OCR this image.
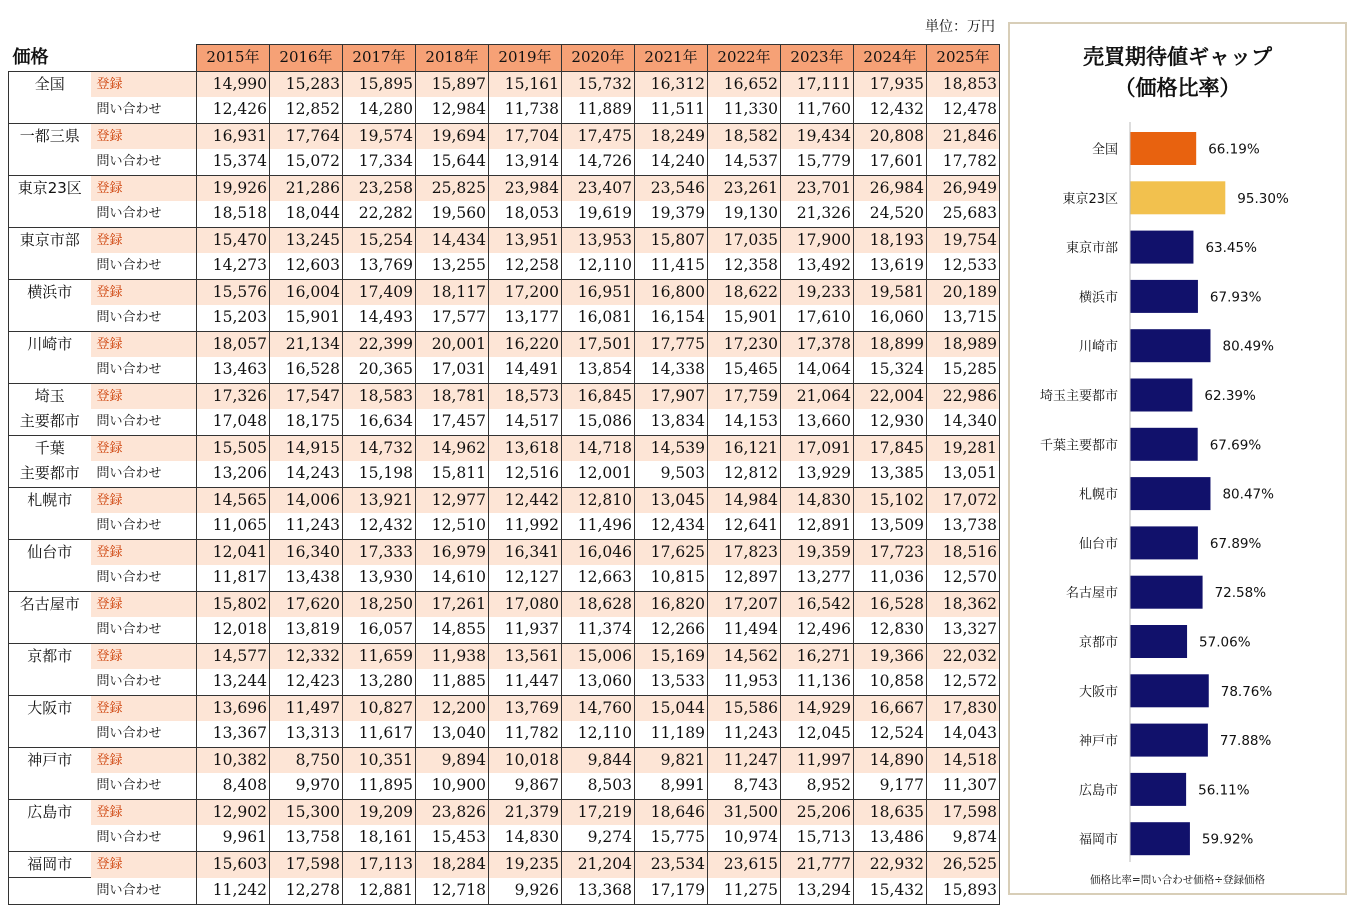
単位：万円
価格		2015年	2016年	2017年	2018年	2019年	2020年	2021年	2022年	2023年	2024年	2025年
全国	登録	14,990	15,283	15,895	15,897	15,161	15,732	16,312	16,652	17,111	17,935	18,853
	問い合わせ	12,426	12,852	14,280	12,984	11,738	11,889	11,511	11,330	11,760	12,432	12,478
一都三県	登録	16,931	17,764	19,574	19,694	17,704	17,475	18,249	18,582	19,434	20,808	21,846
	問い合わせ	15,374	15,072	17,334	15,644	13,914	14,726	14,240	14,537	15,779	17,601	17,782
東京23区	登録	19,926	21,286	23,258	25,825	23,984	23,407	23,546	23,261	23,701	26,984	26,949
	問い合わせ	18,518	18,044	22,282	19,560	18,053	19,619	19,379	19,130	21,326	24,520	25,683
東京市部	登録	15,470	13,245	15,254	14,434	13,951	13,953	15,807	17,035	17,900	18,193	19,754
	問い合わせ	14,273	12,603	13,769	13,255	12,258	12,110	11,415	12,358	13,492	13,619	12,533
横浜市	登録	15,576	16,004	17,409	18,117	17,200	16,951	16,800	18,622	19,233	19,581	20,189
	問い合わせ	15,203	15,901	14,493	17,577	13,177	16,081	16,154	15,901	17,610	16,060	13,715
川崎市	登録	18,057	21,134	22,399	20,001	16,220	17,501	17,775	17,230	17,378	18,899	18,989
	問い合わせ	13,463	16,528	20,365	17,031	14,491	13,854	14,338	15,465	14,064	15,324	15,285
埼玉	登録	17,326	17,547	18,583	18,781	18,573	16,845	17,907	17,759	21,064	22,004	22,986
主要都市	問い合わせ	17,048	18,175	16,634	17,457	14,517	15,086	13,834	14,153	13,660	12,930	14,340
千葉	登録	15,505	14,915	14,732	14,962	13,618	14,718	14,539	16,121	17,091	17,845	19,281
主要都市	問い合わせ	13,206	14,243	15,198	15,811	12,516	12,001	9,503	12,812	13,929	13,385	13,051
札幌市	登録	14,565	14,006	13,921	12,977	12,442	12,810	13,045	14,984	14,830	15,102	17,072
	問い合わせ	11,065	11,243	12,432	12,510	11,992	11,496	12,434	12,641	12,891	13,509	13,738
仙台市	登録	12,041	16,340	17,333	16,979	16,341	16,046	17,625	17,823	19,359	17,723	18,516
	問い合わせ	11,817	13,438	13,930	14,610	12,127	12,663	10,815	12,897	13,277	11,036	12,570
名古屋市	登録	15,802	17,620	18,250	17,261	17,080	18,628	16,820	17,207	16,542	16,528	18,362
	問い合わせ	12,018	13,819	16,057	14,855	11,937	11,374	12,266	11,494	12,496	12,830	13,327
京都市	登録	14,577	12,332	11,659	11,938	13,561	15,006	15,169	14,562	16,271	19,366	22,032
	問い合わせ	13,244	12,423	13,280	11,885	11,447	13,060	13,533	11,953	11,136	10,858	12,572
大阪市	登録	13,696	11,497	10,827	12,200	13,769	14,760	15,044	15,586	14,929	16,667	17,830
	問い合わせ	13,367	13,313	11,617	13,040	11,782	12,110	11,189	11,243	12,045	12,524	14,043
神戸市	登録	10,382	8,750	10,351	9,894	10,018	9,844	9,821	11,247	11,997	14,890	14,518
	問い合わせ	8,408	9,970	11,895	10,900	9,867	8,503	8,991	8,743	8,952	9,177	11,307
広島市	登録	12,902	15,300	19,209	23,826	21,379	17,219	18,646	31,500	25,206	18,635	17,598
	問い合わせ	9,961	13,758	18,161	15,453	14,830	9,274	15,775	10,974	15,713	13,486	9,874
福岡市	登録	15,603	17,598	17,113	18,284	19,235	21,204	23,534	23,615	21,777	22,932	26,525
	問い合わせ	11,242	12,278	12,881	12,718	9,926	13,368	17,179	11,275	13,294	15,432	15,893
売買期待値ギャップ
（価格比率）
全国	66.19%
東京23区	95.30%
東京市部	63.45%
横浜市	67.93%
川崎市	80.49%
埼玉主要都市	62.39%
千葉主要都市	67.69%
札幌市	80.47%
仙台市	67.89%
名古屋市	72.58%
京都市	57.06%
大阪市	78.76%
神戸市	77.88%
広島市	56.11%
福岡市	59.92%
価格比率=問い合わせ価格÷登録価格
